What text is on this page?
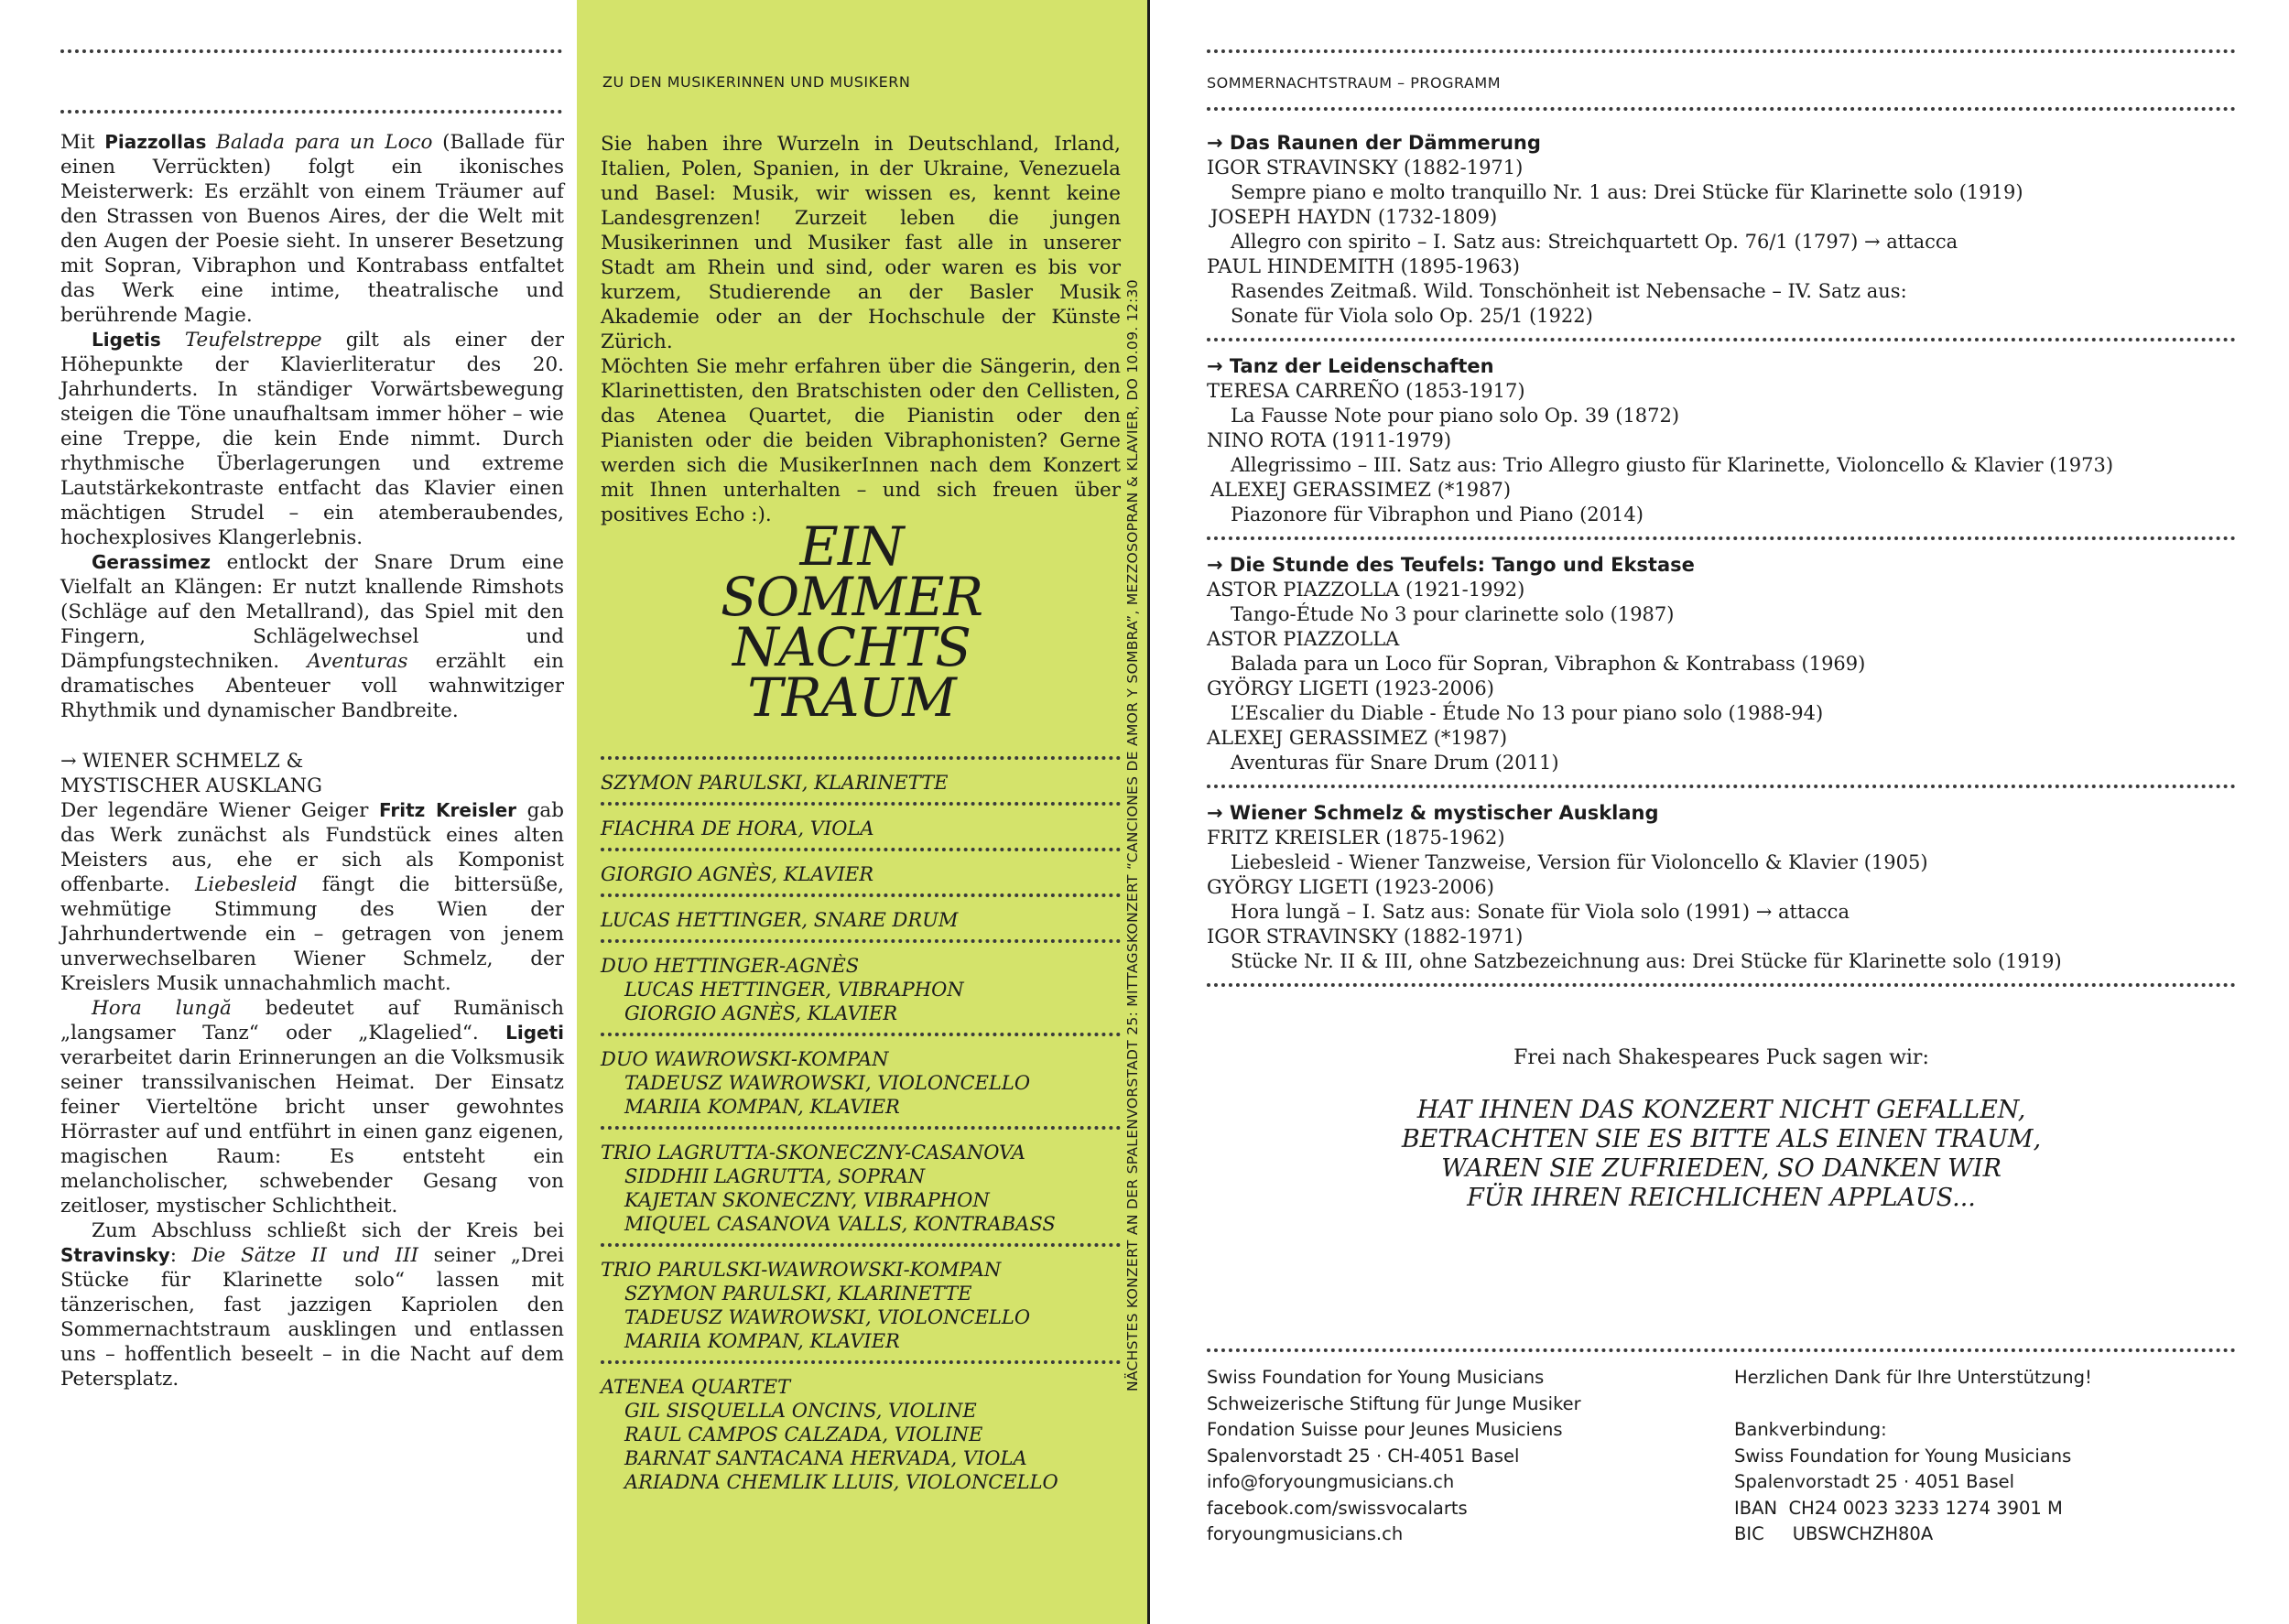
Mit Piazzollas Balada para un Loco (Ballade für einen Verrückten) folgt ein ikonisches Meisterwerk: Es erzählt von einem Träumer auf den Strassen von Buenos Aires, der die Welt mit den Augen der Poesie sieht. In unserer Besetzung mit Sopran, Vibraphon und Kontrabass entfaltet das Werk eine intime, theatralische und berührende Magie.

Ligetis Teufelstreppe gilt als einer der Höhepunkte der Klavierliteratur des 20. Jahrhunderts. In ständiger Vorwärtsbewegung steigen die Töne unaufhaltsam immer höher – wie eine Treppe, die kein Ende nimmt. Durch rhythmische Überlagerungen und extreme Lautstärkekontraste entfacht das Klavier einen mächtigen Strudel – ein atemberaubendes, hochexplosives Klangerlebnis.

Gerassimez entlockt der Snare Drum eine Vielfalt an Klängen: Er nutzt knallende Rimshots (Schläge auf den Metallrand), das Spiel mit den Fingern, Schlägelwechsel und Dämpfungstechniken. Aventuras erzählt ein dramatisches Abenteuer voll wahnwitziger Rhythmik und dynamischer Bandbreite.

→ WIENER SCHMELZ &
MYSTISCHER AUSKLANG

Der legendäre Wiener Geiger Fritz Kreisler gab das Werk zunächst als Fundstück eines alten Meisters aus, ehe er sich als Komponist offenbarte. Liebesleid fängt die bittersüße, wehmütige Stimmung des Wien der Jahrhundertwende ein – getragen von jenem unverwechselbaren Wiener Schmelz, der Kreislers Musik unnachahmlich macht.

Hora lungă bedeutet auf Rumänisch „langsamer Tanz“ oder „Klagelied“. Ligeti verarbeitet darin Erinnerungen an die Volksmusik seiner transsilvanischen Heimat. Der Einsatz feiner Vierteltöne bricht unser gewohntes Hörraster auf und entführt in einen ganz eigenen, magischen Raum: Es entsteht ein melancholischer, schwebender Gesang von zeitloser, mystischer Schlichtheit.

Zum Abschluss schließt sich der Kreis bei Stravinsky: Die Sätze II und III seiner „Drei Stücke für Klarinette solo“ lassen mit tänzerischen, fast jazzigen Kapriolen den Sommernachtstraum ausklingen und entlassen uns – hoffentlich beseelt – in die Nacht auf dem Petersplatz.

ZU DEN MUSIKERINNEN UND MUSIKERN

Sie haben ihre Wurzeln in Deutschland, Irland, Italien, Polen, Spanien, in der Ukraine, Venezuela und Basel: Musik, wir wissen es, kennt keine Landesgrenzen! Zurzeit leben die jungen Musikerinnen und Musiker fast alle in unserer Stadt am Rhein und sind, oder waren es bis vor kurzem, Studierende an der Basler Musik Akademie oder an der Hochschule der Künste Zürich.

Möchten Sie mehr erfahren über die Sängerin, den Klarinettisten, den Bratschisten oder den Cellisten, das Atenea Quartet, die Pianistin oder den Pianisten oder die beiden Vibraphonisten? Gerne werden sich die MusikerInnen nach dem Konzert mit Ihnen unterhalten – und sich freuen über positives Echo :).

EIN
SOMMER
NACHTS
TRAUM
SZYMON PARULSKI, KLARINETTE
FIACHRA DE HORA, VIOLA
GIORGIO AGNÈS, KLAVIER
LUCAS HETTINGER, SNARE DRUM
DUO HETTINGER-AGNÈS
LUCAS HETTINGER, VIBRAPHON
GIORGIO AGNÈS, KLAVIER
DUO WAWROWSKI-KOMPAN
TADEUSZ WAWROWSKI, VIOLONCELLO
MARIIA KOMPAN, KLAVIER
TRIO LAGRUTTA-SKONECZNY-CASANOVA
SIDDHII LAGRUTTA, SOPRAN
KAJETAN SKONECZNY, VIBRAPHON
MIQUEL CASANOVA VALLS, KONTRABASS
TRIO PARULSKI-WAWROWSKI-KOMPAN
SZYMON PARULSKI, KLARINETTE
TADEUSZ WAWROWSKI, VIOLONCELLO
MARIIA KOMPAN, KLAVIER
ATENEA QUARTET
GIL SISQUELLA ONCINS, VIOLINE
RAUL CAMPOS CALZADA, VIOLINE
BARNAT SANTACANA HERVADA, VIOLA
ARIADNA CHEMLIK LLUIS, VIOLONCELLO
NÄCHSTES KONZERT AN DER SPALENVORSTADT 25: MITTAGSKONZERT “CANCIONES DE AMOR Y SOMBRA”, MEZZOSOPRAN & KLAVIER, DO 10.09. 12:30
SOMMERNACHTSTRAUM – PROGRAMM
→ Das Raunen der Dämmerung
IGOR STRAVINSKY (1882-1971)
Sempre piano e molto tranquillo Nr. 1 aus: Drei Stücke für Klarinette solo (1919)
JOSEPH HAYDN (1732-1809)
Allegro con spirito – I. Satz aus: Streichquartett Op. 76/1 (1797) → attacca
PAUL HINDEMITH (1895-1963)
Rasendes Zeitmaß. Wild. Tonschönheit ist Nebensache – IV. Satz aus:
Sonate für Viola solo Op. 25/1 (1922)
→ Tanz der Leidenschaften
TERESA CARREÑO (1853-1917)
La Fausse Note pour piano solo Op. 39 (1872)
NINO ROTA (1911-1979)
Allegrissimo – III. Satz aus: Trio Allegro giusto für Klarinette, Violoncello & Klavier (1973)
ALEXEJ GERASSIMEZ (*1987)
Piazonore für Vibraphon und Piano (2014)
→ Die Stunde des Teufels: Tango und Ekstase
ASTOR PIAZZOLLA (1921-1992)
Tango-Étude No 3 pour clarinette solo (1987)
ASTOR PIAZZOLLA
Balada para un Loco für Sopran, Vibraphon & Kontrabass (1969)
GYÖRGY LIGETI (1923-2006)
L’Escalier du Diable - Étude No 13 pour piano solo (1988-94)
ALEXEJ GERASSIMEZ (*1987)
Aventuras für Snare Drum (2011)
→ Wiener Schmelz & mystischer Ausklang
FRITZ KREISLER (1875-1962)
Liebesleid - Wiener Tanzweise, Version für Violoncello & Klavier (1905)
GYÖRGY LIGETI (1923-2006)
Hora lungă – I. Satz aus: Sonate für Viola solo (1991) → attacca
IGOR STRAVINSKY (1882-1971)
Stücke Nr. II & III, ohne Satzbezeichnung aus: Drei Stücke für Klarinette solo (1919)
Frei nach Shakespeares Puck sagen wir:
HAT IHNEN DAS KONZERT NICHT GEFALLEN,
BETRACHTEN SIE ES BITTE ALS EINEN TRAUM,
WAREN SIE ZUFRIEDEN, SO DANKEN WIR
FÜR IHREN REICHLICHEN APPLAUS...
Swiss Foundation for Young Musicians
Schweizerische Stiftung für Junge Musiker
Fondation Suisse pour Jeunes Musiciens
Spalenvorstadt 25 · CH-4051 Basel
info@foryoungmusicians.ch
facebook.com/swissvocalarts
foryoungmusicians.ch
Herzlichen Dank für Ihre Unterstützung!

Bankverbindung:
Swiss Foundation for Young Musicians
Spalenvorstadt 25 · 4051 Basel
IBAN  CH24 0023 3233 1274 3901 M
BIC     UBSWCHZH80A
